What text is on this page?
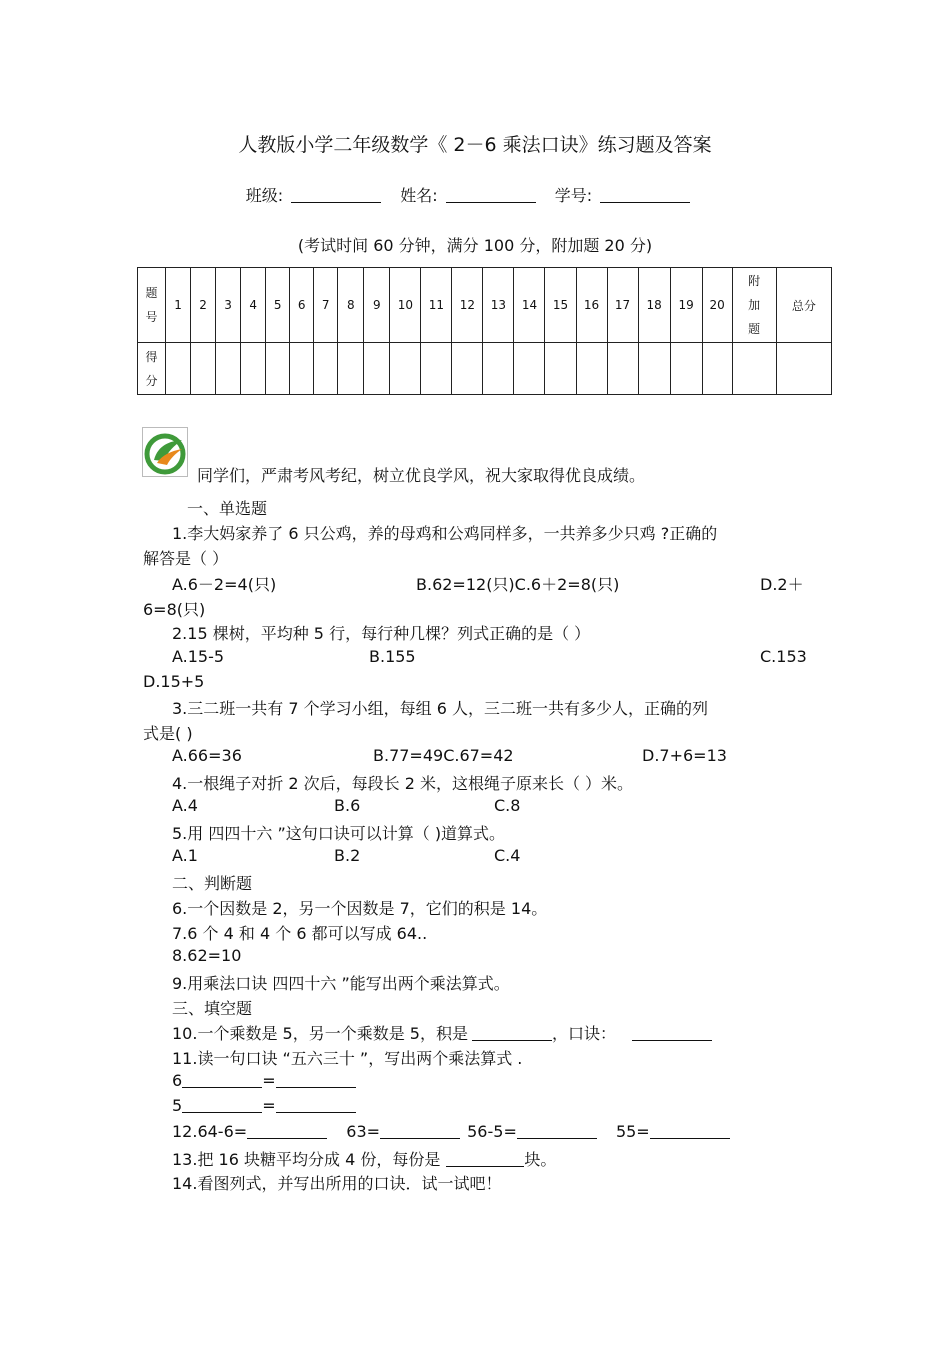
人教版小学二年级数学《 2－6 乘法口诀》练习题及答案
班级:	姓名:	学号:
(考试时间 60 分钟，满分 100 分，附加题 20 分)
题号	1	2	3	4	5	6	7	8	9	10	11	12	13	14	15	16	17	18	19	20	附加题	总分
得分																						
同学们，严肃考风考纪，树立优良学风，祝大家取得优良成绩。
一、单选题
1.李大妈家养了 6 只公鸡，养的母鸡和公鸡同样多，一共养多少只鸡 ?正确的
解答是（ ）
A.6－2=4(只)	B.62=12(只)C.6＋2=8(只)	D.2＋
6=8(只)
2.15 棵树，平均种 5 行，每行种几棵？列式正确的是（ ）
A.15-5	B.155	C.153
D.15+5
3.三二班一共有 7 个学习小组，每组 6 人，三二班一共有多少人，正确的列
式是( )
A.66=36	B.77=49C.67=42	D.7+6=13
4.一根绳子对折 2 次后，每段长 2 米，这根绳子原来长（ ）米。
A.4	B.6	C.8
5.用 四四十六 ”这句口诀可以计算（ )道算式。
A.1	B.2	C.4
二、判断题
6.一个因数是 2，另一个因数是 7，它们的积是 14。
7.6 个 4 和 4 个 6 都可以写成 64..
8.62=10
9.用乘法口诀 四四十六 ”能写出两个乘法算式。
三、填空题
10.一个乘数是 5，另一个乘数是 5，积是	，口诀：
11.读一句口诀 “五六三十 ”，写出两个乘法算式 .
6	=
5	=
12.64-6=	63=	56-5=	55=
13.把 16 块糖平均分成 4 份，每份是	块。
14.看图列式，并写出所用的口诀．试一试吧！
